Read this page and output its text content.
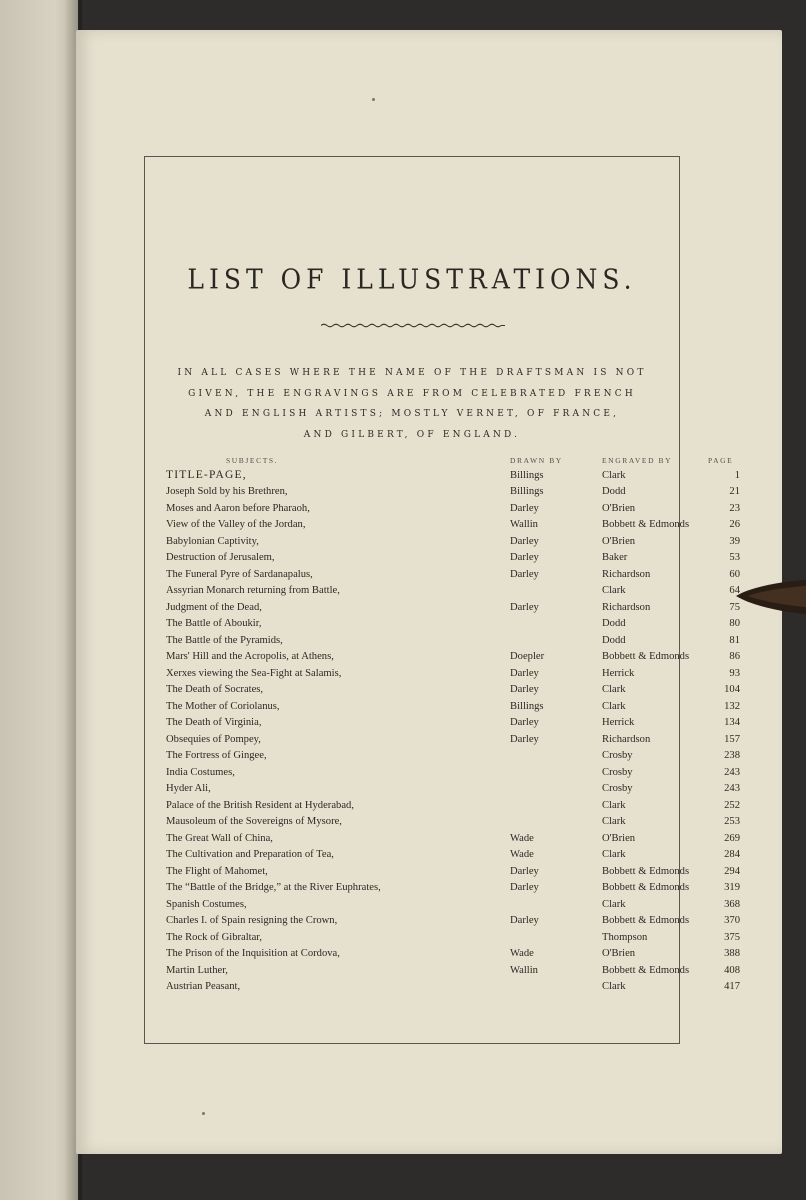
LIST OF ILLUSTRATIONS.
IN ALL CASES WHERE THE NAME OF THE DRAFTSMAN IS NOT
GIVEN, THE ENGRAVINGS ARE FROM CELEBRATED FRENCH
AND ENGLISH ARTISTS; MOSTLY VERNET, OF FRANCE,
AND GILBERT, OF ENGLAND.
SUBJECTS.	DRAWN BY	ENGRAVED BY	PAGE
TITLE-PAGE,	Billings	Clark	1
Joseph Sold by his Brethren,	Billings	Dodd	21
Moses and Aaron before Pharaoh,	Darley	O'Brien	23
View of the Valley of the Jordan,	Wallin	Bobbett & Edmonds	26
Babylonian Captivity,	Darley	O'Brien	39
Destruction of Jerusalem,	Darley	Baker	53
The Funeral Pyre of Sardanapalus,	Darley	Richardson	60
Assyrian Monarch returning from Battle,		Clark	64
Judgment of the Dead,	Darley	Richardson	75
The Battle of Aboukir,		Dodd	80
The Battle of the Pyramids,		Dodd	81
Mars' Hill and the Acropolis, at Athens,	Doepler	Bobbett & Edmonds	86
Xerxes viewing the Sea-Fight at Salamis,	Darley	Herrick	93
The Death of Socrates,	Darley	Clark	104
The Mother of Coriolanus,	Billings	Clark	132
The Death of Virginia,	Darley	Herrick	134
Obsequies of Pompey,	Darley	Richardson	157
The Fortress of Gingee,		Crosby	238
India Costumes,		Crosby	243
Hyder Ali,		Crosby	243
Palace of the British Resident at Hyderabad,		Clark	252
Mausoleum of the Sovereigns of Mysore,		Clark	253
The Great Wall of China,	Wade	O'Brien	269
The Cultivation and Preparation of Tea,	Wade	Clark	284
The Flight of Mahomet,	Darley	Bobbett & Edmonds	294
The “Battle of the Bridge,” at the River Euphrates,	Darley	Bobbett & Edmonds	319
Spanish Costumes,		Clark	368
Charles I. of Spain resigning the Crown,	Darley	Bobbett & Edmonds	370
The Rock of Gibraltar,		Thompson	375
The Prison of the Inquisition at Cordova,	Wade	O'Brien	388
Martin Luther,	Wallin	Bobbett & Edmonds	408
Austrian Peasant,		Clark	417
